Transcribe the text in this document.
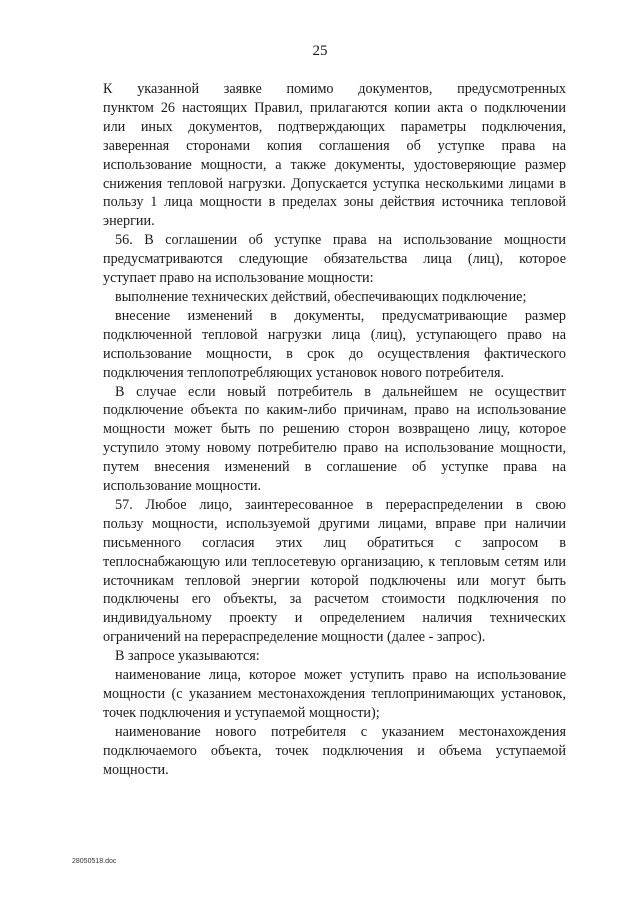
25

К указанной заявке помимо документов, предусмотренных

пунктом 26 настоящих Правил, прилагаются копии акта о подключении

или иных документов, подтверждающих параметры подключения,

заверенная сторонами копия соглашения об уступке права на

использование мощности, а также документы, удостоверяющие размер

снижения тепловой нагрузки. Допускается уступка несколькими лицами в

пользу 1 лица мощности в пределах зоны действия источника тепловой

энергии.

56. В соглашении об уступке права на использование мощности

предусматриваются следующие обязательства лица (лиц), которое

уступает право на использование мощности:

выполнение технических действий, обеспечивающих подключение;

внесение изменений в документы, предусматривающие размер

подключенной тепловой нагрузки лица (лиц), уступающего право на

использование мощности, в срок до осуществления фактического

подключения теплопотребляющих установок нового потребителя.

В случае если новый потребитель в дальнейшем не осуществит

подключение объекта по каким-либо причинам, право на использование

мощности может быть по решению сторон возвращено лицу, которое

уступило этому новому потребителю право на использование мощности,

путем внесения изменений в соглашение об уступке права на

использование мощности.

57. Любое лицо, заинтересованное в перераспределении в свою

пользу мощности, используемой другими лицами, вправе при наличии

письменного согласия этих лиц обратиться с запросом в

теплоснабжающую или теплосетевую организацию, к тепловым сетям или

источникам тепловой энергии которой подключены или могут быть

подключены его объекты, за расчетом стоимости подключения по

индивидуальному проекту и определением наличия технических

ограничений на перераспределение мощности (далее - запрос).

В запросе указываются:

наименование лица, которое может уступить право на использование

мощности (с указанием местонахождения теплопринимающих установок,

точек подключения и уступаемой мощности);

наименование нового потребителя с указанием местонахождения

подключаемого объекта, точек подключения и объема уступаемой

мощности.

28050518.doc
